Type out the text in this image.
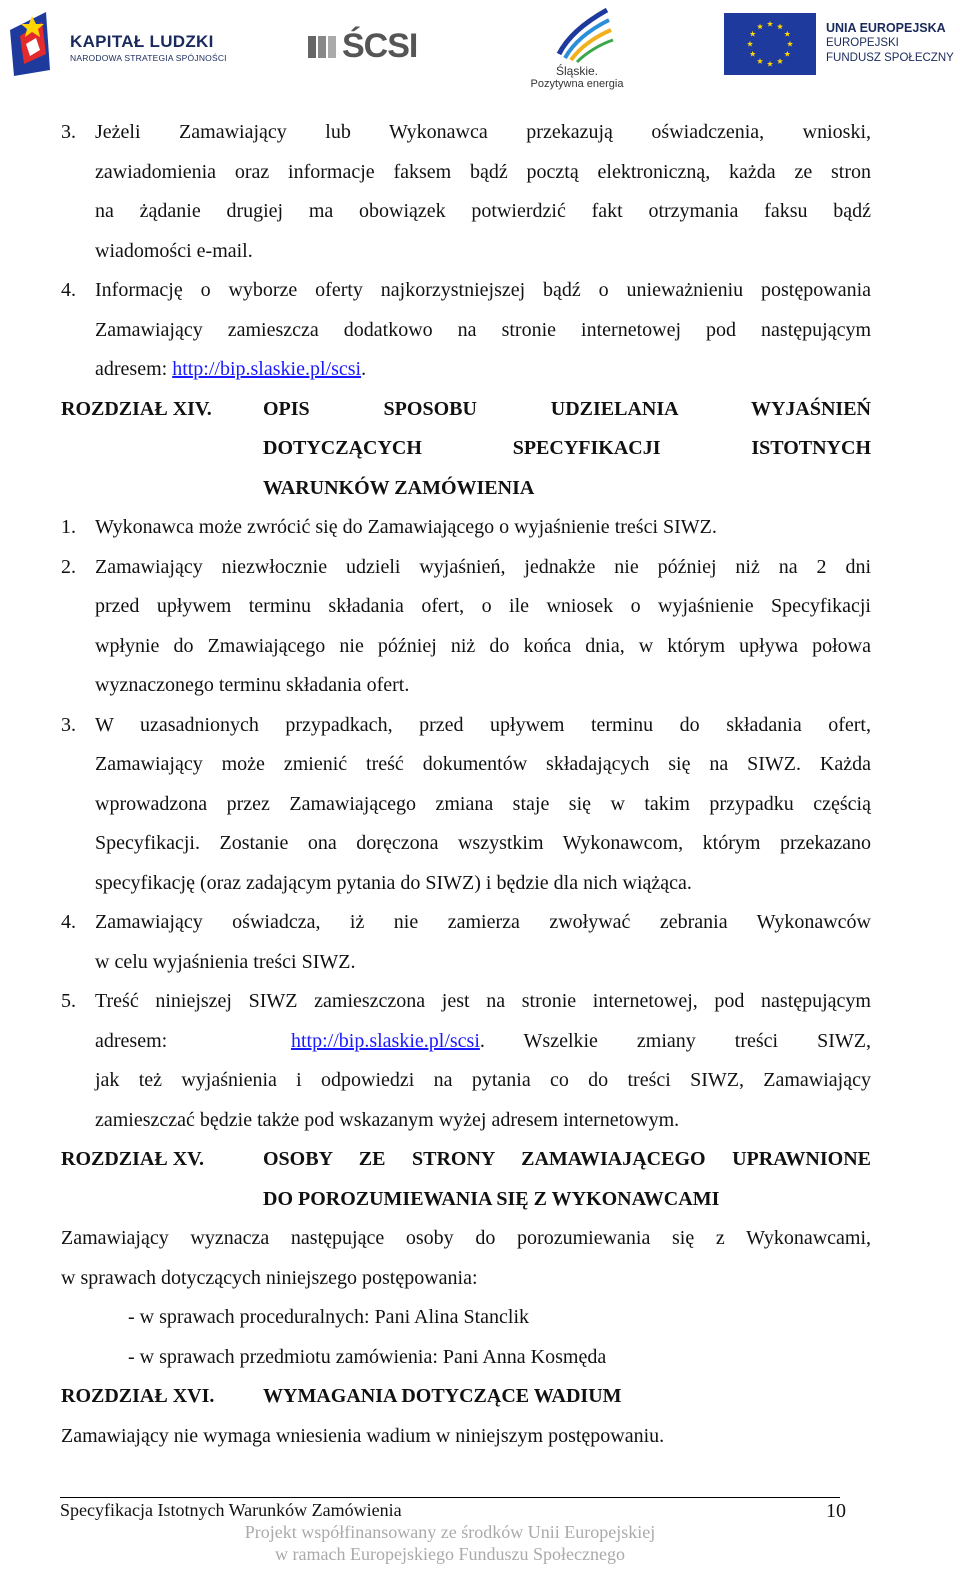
KAPITAŁ LUDZKI
NARODOWA STRATEGIA SPÓJNOŚCI	ŚCSI
Śląskie.
Pozytywna energia
UNIA EUROPEJSKA
EUROPEJSKI
FUNDUSZ SPOŁECZNY
3. Jeżeli Zamawiający lub Wykonawca przekazują oświadczenia, wnioski,
zawiadomienia oraz informacje faksem bądź pocztą elektroniczną, każda ze stron
na żądanie drugiej ma obowiązek potwierdzić fakt otrzymania faksu bądź
wiadomości e-mail.
4. Informację o wyborze oferty najkorzystniejszej bądź o unieważnieniu postępowania
Zamawiający zamieszcza dodatkowo na stronie internetowej pod następującym
adresem: http://bip.slaskie.pl/scsi.
ROZDZIAŁ XIV.	OPIS SPOSOBU UDZIELANIA WYJAŚNIEŃ
DOTYCZĄCYCH SPECYFIKACJI ISTOTNYCH
WARUNKÓW ZAMÓWIENIA
1. Wykonawca może zwrócić się do Zamawiającego o wyjaśnienie treści SIWZ.
2. Zamawiający niezwłocznie udzieli wyjaśnień, jednakże nie później niż na 2 dni
przed upływem terminu składania ofert, o ile wniosek o wyjaśnienie Specyfikacji
wpłynie do Zmawiającego nie później niż do końca dnia, w którym upływa połowa
wyznaczonego terminu składania ofert.
3. W uzasadnionych przypadkach, przed upływem terminu do składania ofert,
Zamawiający może zmienić treść dokumentów składających się na SIWZ. Każda
wprowadzona przez Zamawiającego zmiana staje się w takim przypadku częścią
Specyfikacji. Zostanie ona doręczona wszystkim Wykonawcom, którym przekazano
specyfikację (oraz zadającym pytania do SIWZ) i będzie dla nich wiążąca.
4. Zamawiający oświadcza, iż nie zamierza zwoływać zebrania Wykonawców
w celu wyjaśnienia treści SIWZ.
5. Treść niniejszej SIWZ zamieszczona jest na stronie internetowej, pod następującym
adresem:	http://bip.slaskie.pl/scsi. Wszelkie zmiany treści SIWZ,
jak też wyjaśnienia i odpowiedzi na pytania co do treści SIWZ, Zamawiający
zamieszczać będzie także pod wskazanym wyżej adresem internetowym.
ROZDZIAŁ XV.	OSOBY ZE STRONY ZAMAWIAJĄCEGO UPRAWNIONE
DO POROZUMIEWANIA SIĘ Z WYKONAWCAMI
Zamawiający wyznacza następujące osoby do porozumiewania się z Wykonawcami,
w sprawach dotyczących niniejszego postępowania:
- w sprawach proceduralnych: Pani Alina Stanclik
- w sprawach przedmiotu zamówienia: Pani Anna Kosmęda
ROZDZIAŁ XVI.	WYMAGANIA DOTYCZĄCE WADIUM
Zamawiający nie wymaga wniesienia wadium w niniejszym postępowaniu.
Specyfikacja Istotnych Warunków Zamówienia	10
Projekt współfinansowany ze środków Unii Europejskiej
w ramach Europejskiego Funduszu Społecznego
